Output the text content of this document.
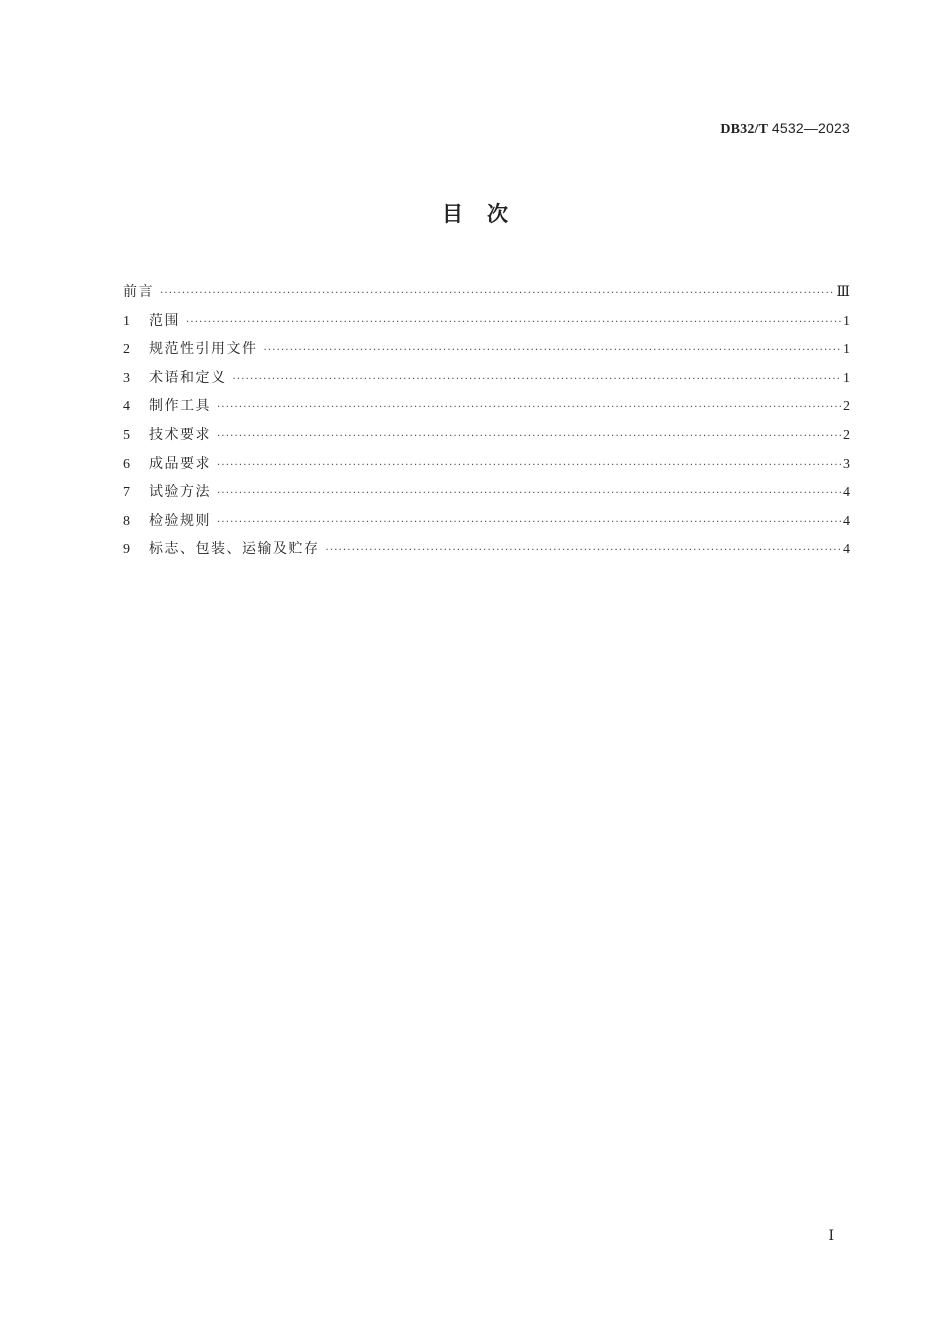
DB32/T 4532—2023
目次
前言 ·····	Ⅲ
1	范围 ·····	1
2	规范性引用文件 ·····	1
3	术语和定义 ·····	1
4	制作工具 ·····	2
5	技术要求 ·····	2
6	成品要求 ·····	3
7	试验方法 ·····	4
8	检验规则 ·····	4
9	标志、包装、运输及贮存 ·····	4
Ⅰ
